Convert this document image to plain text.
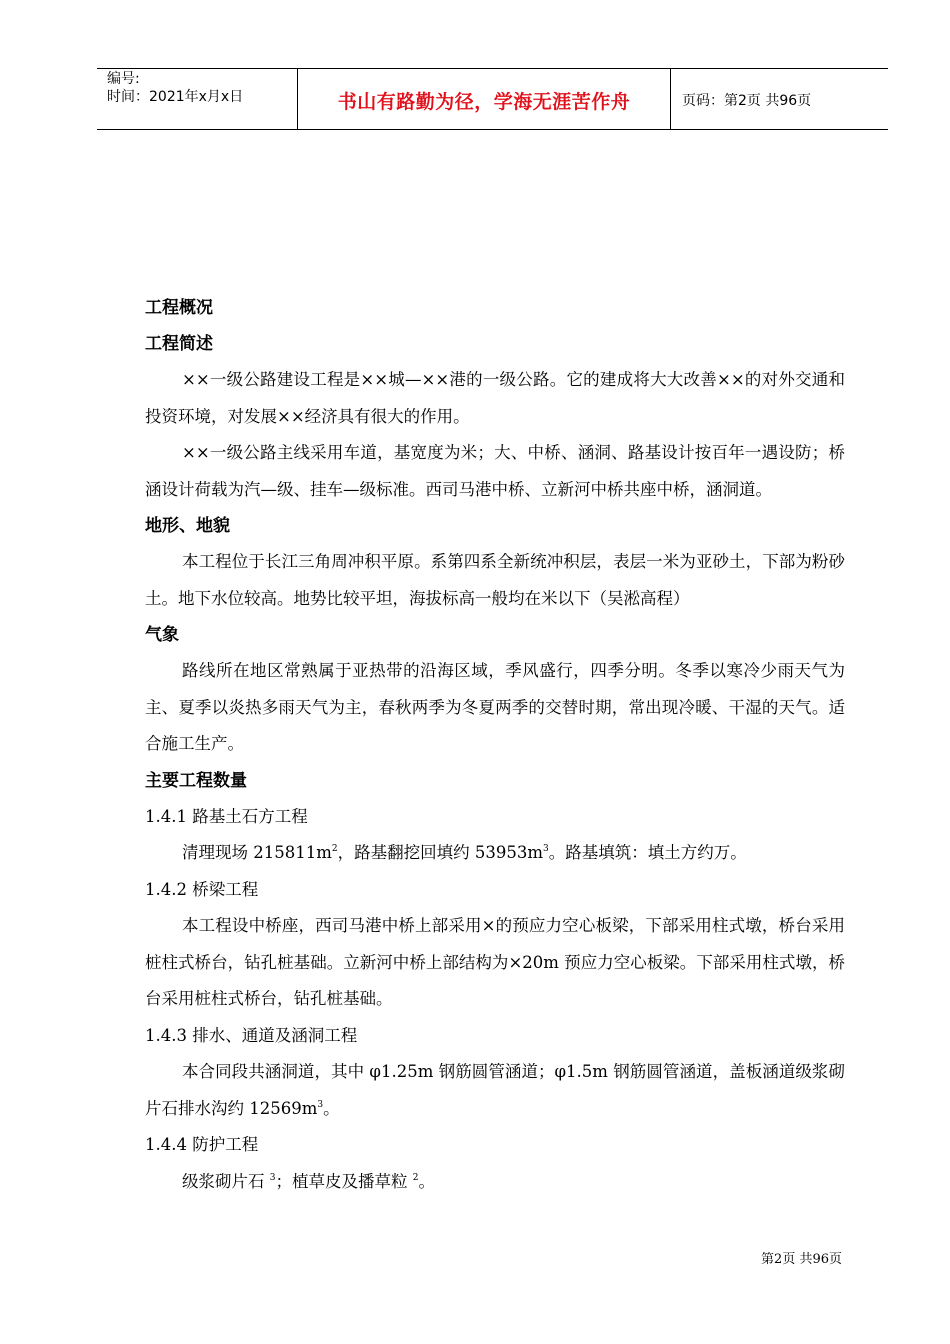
编号:
时间：2021年x月x日	书山有路勤为径，学海无涯苦作舟	页码：第2页 共96页
工程概况
工程简述

××一级公路建设工程是××城—××港的一级公路。它的建成将大大改善××的对外交通和投资环境，对发展××经济具有很大的作用。

××一级公路主线采用车道，基宽度为米；大、中桥、涵洞、路基设计按百年一遇设防；桥涵设计荷载为汽—级、挂车—级标准。西司马港中桥、立新河中桥共座中桥，涵洞道。

地形、地貌

本工程位于长江三角周冲积平原。系第四系全新统冲积层，表层一米为亚砂土，下部为粉砂土。地下水位较高。地势比较平坦，海拔标高一般均在米以下（吴淞高程）

气象

路线所在地区常熟属于亚热带的沿海区域，季风盛行，四季分明。冬季以寒冷少雨天气为主、夏季以炎热多雨天气为主，春秋两季为冬夏两季的交替时期，常出现冷暖、干湿的天气。适合施工生产。

主要工程数量

1.4.1 路基土石方工程

清理现场 $215811m^2$，路基翻挖回填约 $53953m^3$。路基填筑：填土方约万。

1.4.2 桥梁工程

本工程设中桥座，西司马港中桥上部采用×的预应力空心板梁，下部采用柱式墩，桥台采用桩柱式桥台，钻孔桩基础。立新河中桥上部结构为×20m 预应力空心板梁。下部采用柱式墩，桥台采用桩柱式桥台，钻孔桩基础。

1.4.3 排水、通道及涵洞工程

本合同段共涵洞道，其中 φ1.25m 钢筋圆管涵道；φ1.5m 钢筋圆管涵道，盖板涵道级浆砌片石排水沟约 $12569m^3$。

1.4.4 防护工程

级浆砌片石 $^3$；植草皮及播草粒 $^2$。

第2页 共96页
